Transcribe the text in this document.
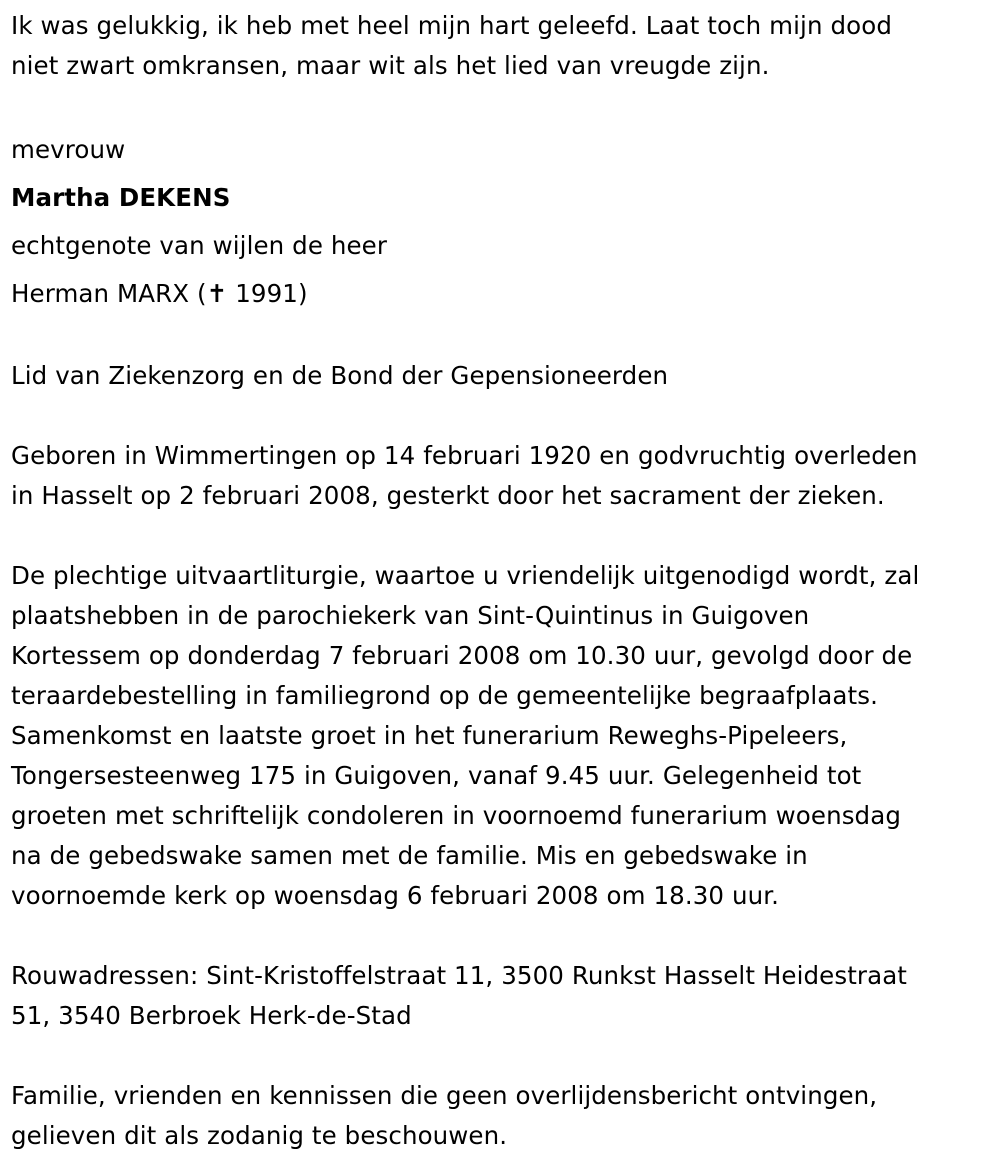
Ik was gelukkig, ik heb met heel mijn hart geleefd. Laat toch mijn dood
niet zwart omkransen, maar wit als het lied van vreugde zijn.
mevrouw
Martha DEKENS
echtgenote van wijlen de heer
Herman MARX (✝ 1991)
Lid van Ziekenzorg en de Bond der Gepensioneerden
Geboren in Wimmertingen op 14 februari 1920 en godvruchtig overleden
in Hasselt op 2 februari 2008, gesterkt door het sacrament der zieken.
De plechtige uitvaartliturgie, waartoe u vriendelijk uitgenodigd wordt, zal
plaatshebben in de parochiekerk van Sint-Quintinus in Guigoven
Kortessem op donderdag 7 februari 2008 om 10.30 uur, gevolgd door de
teraardebestelling in familiegrond op de gemeentelijke begraafplaats.
Samenkomst en laatste groet in het funerarium Reweghs-Pipeleers,
Tongersesteenweg 175 in Guigoven, vanaf 9.45 uur. Gelegenheid tot
groeten met schriftelijk condoleren in voornoemd funerarium woensdag
na de gebedswake samen met de familie. Mis en gebedswake in
voornoemde kerk op woensdag 6 februari 2008 om 18.30 uur.
Rouwadressen: Sint-Kristoffelstraat 11, 3500 Runkst Hasselt Heidestraat
51, 3540 Berbroek Herk-de-Stad
Familie, vrienden en kennissen die geen overlijdensbericht ontvingen,
gelieven dit als zodanig te beschouwen.
